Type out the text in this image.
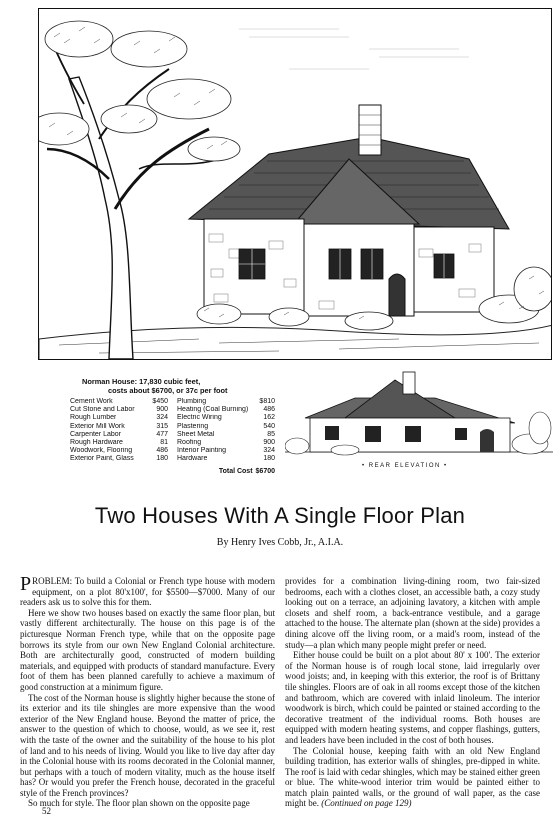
Norman House: 17,830 cubic feet,
costs about $6700, or 37c per foot
Cement Work	$450
Cut Stone and Labor	900
Rough Lumber	324
Exterior Mill Work	315
Carpenter Labor	477
Rough Hardware	81
Woodwork, Flooring	486
Exterior Paint, Glass	180
Plumbing	$810
Heating (Coal Burning) 486
Electric Wiring	162
Plastering	540
Sheet Metal	85
Roofing	900
Interior Painting	324
Hardware	180
Total Cost $6700
• REAR ELEVATION •
Two Houses With A Single Floor Plan
By Henry Ives Cobb, Jr., A.I.A.

PROBLEM: To build a Colonial or French type house with modern equipment, on a plot 80'x100', for $5500—$7000. Many of our readers ask us to solve this for them.

Here we show two houses based on exactly the same floor plan, but vastly different architecturally. The house on this page is of the picturesque Norman French type, while that on the opposite page borrows its style from our own New England Colonial architecture. Both are architecturally good, constructed of modern building materials, and equipped with products of standard manufacture. Every foot of them has been planned carefully to achieve a maximum of good construction at a minimum figure.

The cost of the Norman house is slightly higher because the stone of its exterior and its tile shingles are more expensive than the wood exterior of the New England house. Beyond the matter of price, the answer to the question of which to choose, would, as we see it, rest with the taste of the owner and the suitability of the house to his plot of land and to his needs of living. Would you like to live day after day in the Colonial house with its rooms decorated in the Colonial manner, but perhaps with a touch of modern vitality, much as the house itself has? Or would you prefer the French house, decorated in the graceful style of the French provinces?

So much for style. The floor plan shown on the opposite page

provides for a combination living-dining room, two fair-sized bedrooms, each with a clothes closet, an accessible bath, a cozy study looking out on a terrace, an adjoining lavatory, a kitchen with ample closets and shelf room, a back-entrance vestibule, and a garage attached to the house. The alternate plan (shown at the side) provides a dining alcove off the living room, or a maid's room, instead of the study—a plan which many people might prefer or need.

Either house could be built on a plot about 80' x 100'. The exterior of the Norman house is of rough local stone, laid irregularly over wood joists; and, in keeping with this exterior, the roof is of Brittany tile shingles. Floors are of oak in all rooms except those of the kitchen and bathroom, which are covered with inlaid linoleum. The interior woodwork is birch, which could be painted or stained according to the decorative treatment of the individual rooms. Both houses are equipped with modern heating systems, and copper flashings, gutters, and leaders have been included in the cost of both houses.

The Colonial house, keeping faith with an old New England building tradition, has exterior walls of shingles, pre-dipped in white. The roof is laid with cedar shingles, which may be stained either green or blue. The white-wood interior trim would be painted either to match plain painted walls, or the ground of wall paper, as the case might be. (Continued on page 129)

52
